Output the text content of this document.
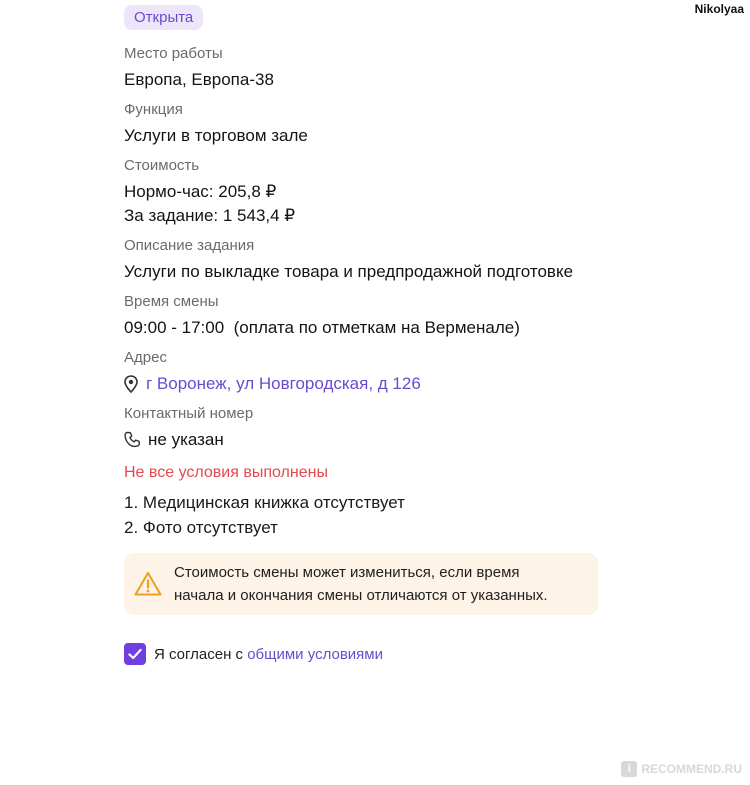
Nikolyaa
Открыта
Место работы
Европа, Европа-38
Функция
Услуги в торговом зале
Стоимость
Нормо-час: 205,8 ₽
За задание: 1 543,4 ₽
Описание задания
Услуги по выкладке товара и предпродажной подготовке
Время смены
09:00 - 17:00  (оплата по отметкам на Верменале)
Адрес
г Воронеж, ул Новгородская, д 126
Контактный номер
не указан
Не все условия выполнены
1. Медицинская книжка отсутствует
2. Фото отсутствует
Стоимость смены может измениться, если время
начала и окончания смены отличаются от указанных.
Я согласен с общими условиями
i RECOMMEND.RU
